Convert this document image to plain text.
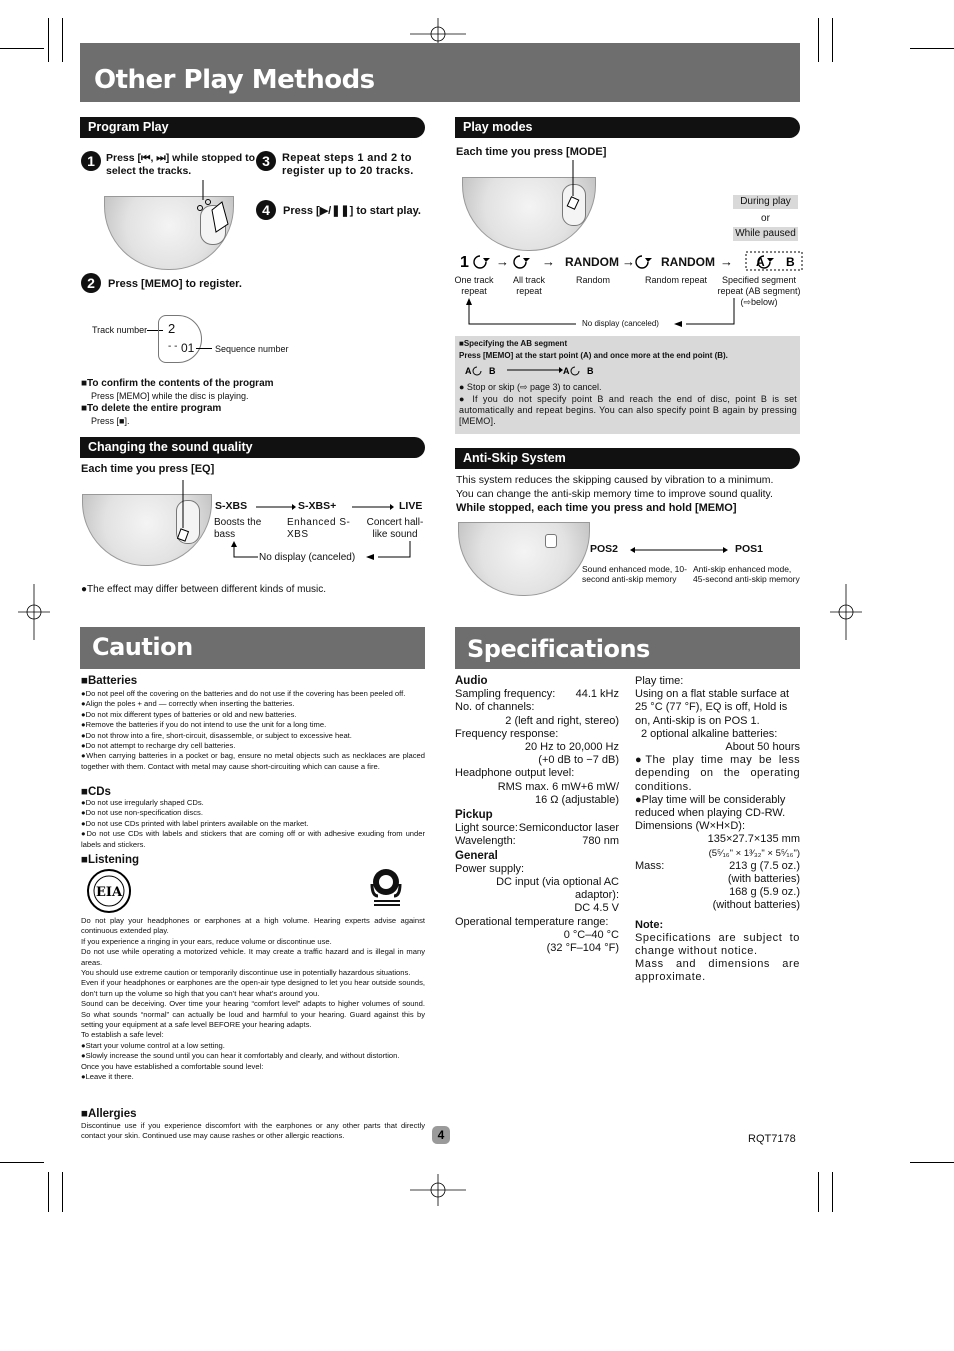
Other Play Methods
Program Play
1	Press [⏮, ⏭] while stopped to select the tracks.
3	Repeat steps 1 and 2 to register up to 20 tracks.
4	Press [▶/❚❚] to start play.
2	Press [MEMO] to register.
Track number 2
- - 01 Sequence number
■To confirm the contents of the program
Press [MEMO] while the disc is playing.
■To delete the entire program
Press [■].
Changing the sound quality
Each time you press [EQ]
S-XBS	S-XBS+	LIVE
Boosts the bass
Enhanced S-XBS
Concert hall-like sound
No display (canceled)
●The effect may differ between different kinds of music.
Play modes
Each time you press [MODE]
During play
or
While paused
1 →	→	→	→ A B
RANDOM	RANDOM
One track repeat
All track repeat
Random	Random repeat	Specified segment repeat (AB segment) (⇨below)
No display (canceled)
■Specifying the AB segment
Press [MEMO] at the start point (A) and once more at the end point (B).
A B	A B
● Stop or skip (⇨ page 3) to cancel.
● If you do not specify point B and reach the end of disc, point B is set automatically and repeat begins. You can also specify point B again by pressing [MEMO].
Anti-Skip System
This system reduces the skipping caused by vibration to a minimum.
You can change the anti-skip memory time to improve sound quality.
While stopped, each time you press and hold [MEMO]
POS2	POS1
Sound enhanced mode, 10-second anti-skip memory
Anti-skip enhanced mode, 45-second anti-skip memory
Caution
■Batteries
●Do not peel off the covering on the batteries and do not use if the covering has been peeled off.
●Align the poles + and — correctly when inserting the batteries.
●Do not mix different types of batteries or old and new batteries.
●Remove the batteries if you do not intend to use the unit for a long time.
●Do not throw into a fire, short-circuit, disassemble, or subject to excessive heat.
●Do not attempt to recharge dry cell batteries.
●When carrying batteries in a pocket or bag, ensure no metal objects such as necklaces are placed together with them. Contact with metal may cause short-circuiting which can cause a fire.
■CDs
●Do not use irregularly shaped CDs.
●Do not use non-specification discs.
●Do not use CDs printed with label printers available on the market.
●Do not use CDs with labels and stickers that are coming off or with adhesive exuding from under labels and stickers.
■Listening
EIA
Do not play your headphones or earphones at a high volume. Hearing experts advise against continuous extended play.
If you experience a ringing in your ears, reduce volume or discontinue use.
Do not use while operating a motorized vehicle. It may create a traffic hazard and is illegal in many areas.
You should use extreme caution or temporarily discontinue use in potentially hazardous situations.
Even if your headphones or earphones are the open-air type designed to let you hear outside sounds, don’t turn up the volume so high that you can’t hear what’s around you.
Sound can be deceiving. Over time your hearing “comfort level” adapts to higher volumes of sound. So what sounds “normal” can actually be loud and harmful to your hearing. Guard against this by setting your equipment at a safe level BEFORE your hearing adapts.
To establish a safe level:
●Start your volume control at a low setting.
●Slowly increase the sound until you can hear it comfortably and clearly, and without distortion.
Once you have established a comfortable sound level:
●Leave it there.
■Allergies
Discontinue use if you experience discomfort with the earphones or any other parts that directly contact your skin. Continued use may cause rashes or other allergic reactions.
Specifications
Audio
Sampling frequency: 44.1 kHz
No. of channels:
2 (left and right, stereo)
Frequency response:
20 Hz to 20,000 Hz
(+0 dB to −7 dB)
Headphone output level:
RMS max. 6 mW+6 mW/
16 Ω (adjustable)
Pickup
Light source: Semiconductor laser
Wavelength:	780 nm
General
Power supply:
DC input (via optional AC adaptor):
DC 4.5 V
Operational temperature range:
0 °C–40 °C
(32 °F–104 °F)
Play time:
Using on a flat stable surface at 25 °C (77 °F), EQ is off, Hold is on, Anti-skip is on POS 1.
2 optional alkaline batteries:
About 50 hours
●The play time may be less depending on the operating conditions.
●Play time will be considerably reduced when playing CD-RW.
Dimensions (W×H×D):
135×27.7×135 mm
(5⁵⁄₁₆" × 1³⁄₃₂" × 5⁵⁄₁₆")
Mass:	213 g (7.5 oz.)
(with batteries)
168 g (5.9 oz.)
(without batteries)
Note:
Specifications are subject to change without notice.
Mass and dimensions are approximate.
4	RQT7178
